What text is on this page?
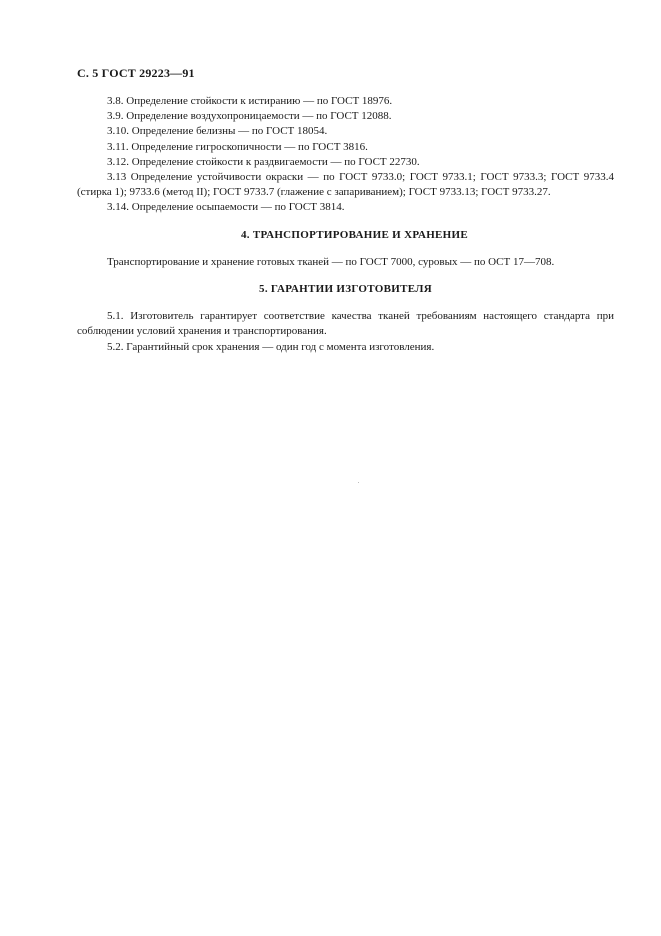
С. 5 ГОСТ 29223—91

3.8. Определение стойкости к истиранию — по ГОСТ 18976.

3.9. Определение воздухопроницаемости — по ГОСТ 12088.

3.10. Определение белизны — по ГОСТ 18054.

3.11. Определение гигроскопичности — по ГОСТ 3816.

3.12. Определение стойкости к раздвигаемости — по ГОСТ 22730.

3.13 Определение устойчивости окраски — по ГОСТ 9733.0; ГОСТ 9733.1; ГОСТ 9733.3; ГОСТ 9733.4 (стирка 1); 9733.6 (метод II); ГОСТ 9733.7 (глажение с запариванием); ГОСТ 9733.13; ГОСТ 9733.27.

3.14. Определение осыпаемости — по ГОСТ 3814.

4. ТРАНСПОРТИРОВАНИЕ И ХРАНЕНИЕ

Транспортирование и хранение готовых тканей — по ГОСТ 7000, суровых — по ОСТ 17—708.

5. ГАРАНТИИ ИЗГОТОВИТЕЛЯ

5.1. Изготовитель гарантирует соответствие качества тканей требованиям настоящего стандарта при соблюдении условий хранения и транспортирования.

5.2. Гарантийный срок хранения — один год с момента изготовления.
